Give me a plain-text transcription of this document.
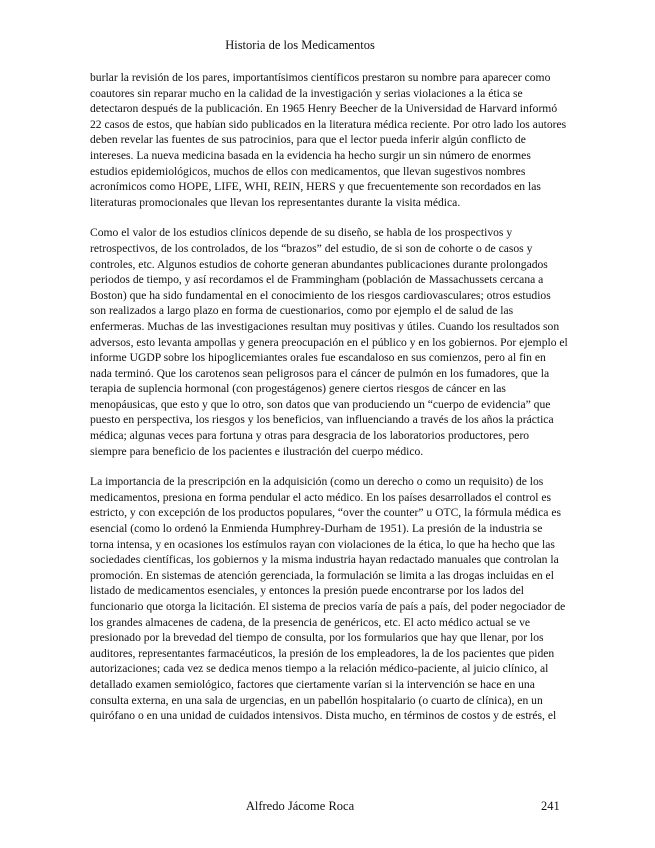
Historia de los Medicamentos

burlar la revisión de los pares, importantísimos científicos prestaron su nombre para aparecer como coautores sin reparar mucho en la calidad de la investigación y serias violaciones a la ética se detectaron después de la publicación. En 1965 Henry Beecher de la Universidad de Harvard informó 22 casos de estos, que habían sido publicados en la literatura médica reciente. Por otro lado los autores deben revelar las fuentes de sus patrocinios, para que el lector pueda inferir algún conflicto de intereses. La nueva medicina basada en la evidencia ha hecho surgir un sin número de enormes estudios epidemiológicos, muchos de ellos con medicamentos, que llevan sugestivos nombres acronímicos como HOPE, LIFE, WHI, REIN, HERS y que frecuentemente son recordados en las literaturas promocionales que llevan los representantes durante la visita médica.

Como el valor de los estudios clínicos depende de su diseño, se habla de los prospectivos y retrospectivos, de los controlados, de los “brazos” del estudio, de si son de cohorte o de casos y controles, etc. Algunos estudios de cohorte generan abundantes publicaciones durante prolongados periodos de tiempo, y así recordamos el de Frammingham (población de Massachussets cercana a Boston) que ha sido fundamental en el conocimiento de los riesgos cardiovasculares; otros estudios son realizados a largo plazo en forma de cuestionarios, como por ejemplo el de salud de las enfermeras. Muchas de las investigaciones resultan muy positivas y útiles. Cuando los resultados son adversos, esto levanta ampollas y genera preocupación en el público y en los gobiernos. Por ejemplo el informe UGDP sobre los hipoglicemiantes orales fue escandaloso en sus comienzos, pero al fin en nada terminó. Que los carotenos sean peligrosos para el cáncer de pulmón en los fumadores, que la terapia de suplencia hormonal (con progestágenos) genere ciertos riesgos de cáncer en las menopáusicas, que esto y que lo otro, son datos que van produciendo un “cuerpo de evidencia” que puesto en perspectiva, los riesgos y los beneficios, van influenciando a través de los años la práctica médica; algunas veces para fortuna y otras para desgracia de los laboratorios productores, pero siempre para beneficio de los pacientes e ilustración del cuerpo médico.

La importancia de la prescripción en la adquisición (como un derecho o como un requisito) de los medicamentos, presiona en forma pendular el acto médico. En los países desarrollados el control es estricto, y con excepción de los productos populares, “over the counter” u OTC, la fórmula médica es esencial (como lo ordenó la Enmienda Humphrey-Durham de 1951). La presión de la industria se torna intensa, y en ocasiones los estímulos rayan con violaciones de la ética, lo que ha hecho que las sociedades científicas, los gobiernos y la misma industria hayan redactado manuales que controlan la promoción. En sistemas de atención gerenciada, la formulación se limita a las drogas incluidas en el listado de medicamentos esenciales, y entonces la presión puede encontrarse por los lados del funcionario que otorga la licitación. El sistema de precios varía de país a país, del poder negociador de los grandes almacenes de cadena, de la presencia de genéricos, etc. El acto médico actual se ve presionado por la brevedad del tiempo de consulta, por los formularios que hay que llenar, por los auditores, representantes farmacéuticos, la presión de los empleadores, la de los pacientes que piden autorizaciones; cada vez se dedica menos tiempo a la relación médico-paciente, al juicio clínico, al detallado examen semiológico, factores que ciertamente varían si la intervención se hace en una consulta externa, en una sala de urgencias, en un pabellón hospitalario (o cuarto de clínica), en un quirófano o en una unidad de cuidados intensivos. Dista mucho, en términos de costos y de estrés, el

Alfredo Jácome Roca	241
